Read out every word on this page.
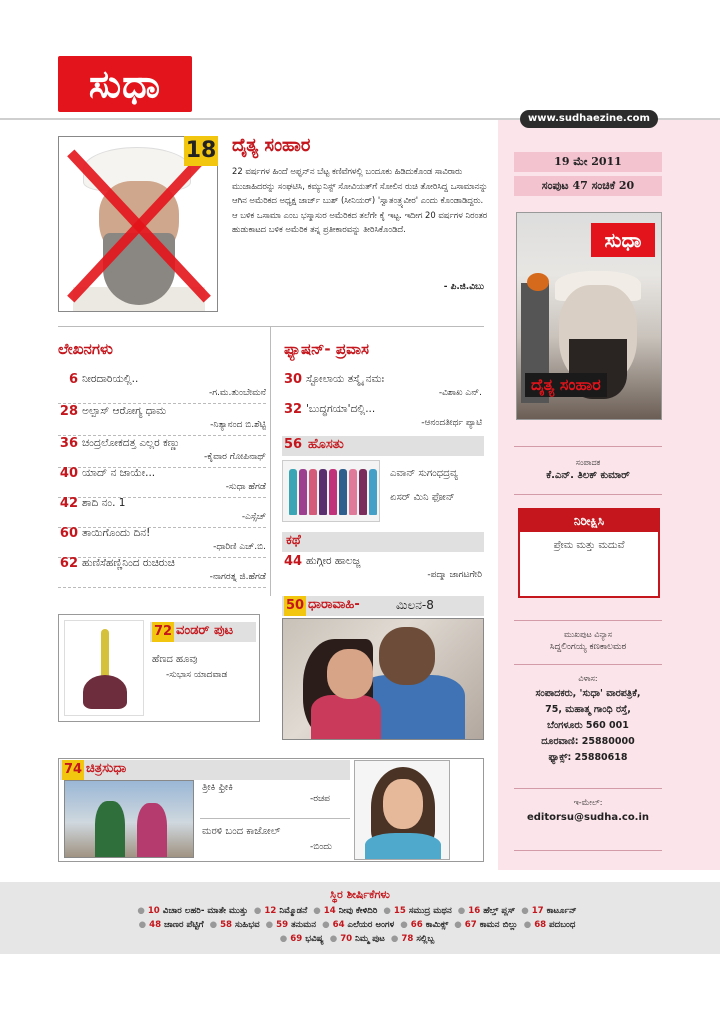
ಸುಧಾ
www.sudhaezine.com
19 ಮೇ 2011
ಸಂಪುಟ 47 ಸಂಚಿಕೆ 20
ಸುಧಾ
ದೈತ್ಯ ಸಂಹಾರ
ಸಂಪಾದಕ
ಕೆ.ಎನ್. ತಿಲಕ್ ಕುಮಾರ್
ನಿರೀಕ್ಷಿಸಿ
ಪ್ರೇಮ ಮತ್ತು ಮದುವೆ
ಮುಖಪುಟ ವಿನ್ಯಾಸ
ಸಿದ್ದಲಿಂಗಯ್ಯ ಕಣಕಾಲಮಠ
ವಿಳಾಸ:
ಸಂಪಾದಕರು, 'ಸುಧಾ' ವಾರಪತ್ರಿಕೆ,
75, ಮಹಾತ್ಮ ಗಾಂಧಿ ರಸ್ತೆ,
ಬೆಂಗಳೂರು 560 001
ದೂರವಾಣಿ: 25880000
ಫ್ಯಾಕ್ಸ್: 25880618
ಇ-ಮೇಲ್:
editorsu@sudha.co.in
18 ದೈತ್ಯ ಸಂಹಾರ
22 ವರ್ಷಗಳ ಹಿಂದೆ ಅಫ್ಘನ್‌ನ ಬೆಟ್ಟ ಕಣಿವೆಗಳಲ್ಲಿ ಬಂದೂಕು ಹಿಡಿದುಕೊಂಡ ಸಾವಿರಾರು ಮುಜಾಹಿದರನ್ನು ಸಂಘಟಿಸಿ, ಕಮ್ಯುನಿಸ್ಟ್ ಸೋವಿಯತ್‌ಗೆ ಸೋಲಿನ ರುಚಿ ತೋರಿಸಿದ್ದ ಒಸಾಮಾನನ್ನು ಆಗಿನ ಅಮೆರಿಕದ ಅಧ್ಯಕ್ಷ ಜಾರ್ಜ್ ಬುಶ್ (ಸೀನಿಯರ್) 'ಸ್ವಾತಂತ್ರ್ಯವೀರ' ಎಂದು ಕೊಂಡಾಡಿದ್ದರು. ಆ ಬಳಿಕ ಒಸಾಮಾ ಎಂಬ ಭಸ್ಮಾಸುರ ಅಮೆರಿಕದ ತಲೆಗೇ ಕೈ ಇಟ್ಟ. ಇದೀಗ 20 ವರ್ಷಗಳ ನಿರಂತರ ಹುಡುಕಾಟದ ಬಳಿಕ ಅಮೆರಿಕ ತನ್ನ ಪ್ರತೀಕಾರವನ್ನು ತೀರಿಸಿಕೊಂಡಿದೆ.
- ಪಿ.ಜಿ.ವಿಬು
ಲೇಖನಗಳು
6 ನೀರದಾರಿಯಲ್ಲಿ..
-ಗ.ಮ.ತುಂಬೇಮನೆ
28 ಅಲ್ಪಾಸ್ ಆರೋಗ್ಯ ಧಾಮ
-ನಿತ್ಯಾನಂದ ಬಿ.ಶೆಟ್ಟಿ
36 ಚಂದ್ರಲೋಕದತ್ತ ಎಲ್ಲರ ಕಣ್ಣು
-ಕೈವಾರ ಗೋಪಿನಾಥ್
40 ಯಾದ್ ನ ಜಾಯೇ...
-ಸುಧಾ ಹೆಗಡೆ
42 ಶಾದಿ ನಂ. 1
-ಎಸ್ಸೆಚ್
60 ತಾಯಿಗೊಂದು ದಿನ!
-ಧಾರಿಣಿ ಎಚ್.ಬಿ.
62 ಹುಣಿಸೆಹಣ್ಣಿನಿಂದ ರುಚಿರುಚಿ
-ನಾಗರತ್ನ ಜಿ.ಹೆಗಡೆ
72 ವಂಡರ್ ಪುಟ
ಹೆಣದ ಹೂವು
-ಸುಭಾಸ ಯಾದವಾಡ
ಫ್ಯಾಷನ್- ಪ್ರವಾಸ
30 ಸ್ಟೋಲಾಯ ತಸ್ಮೈ ನಮಃ
-ವಿಶಾಖ ಎನ್.
32 'ಬುದ್ಧಗಯಾ'ದಲ್ಲಿ...
-ಆನಂದತೀರ್ಥ ಪ್ಯಾಟಿ
56 ಹೊಸತು
ಎವಾನ್ ಸುಗಂಧದ್ರವ್ಯ
ಏಸರ್ ಮಿನಿ ಫೋನ್
ಕಥೆ
44 ಹುಗ್ಗೀರ ಹಾಲಜ್ಜ
-ಪದ್ಮಾ ಜಾಗಟಗೇರಿ
50 ಧಾರಾವಾಹಿ-	ಮಿಲನ-8
74 ಚಿತ್ರಸುಧಾ
ತ್ರೀಕಿ ಫ್ರೀಕಿ
-ರಚಪ
ಮರಳಿ ಬಂದ ಕಾಜೋಲ್
-ಬಿಂದು
ಸ್ಥಿರ ಶೀರ್ಷಿಕೆಗಳು
● 10 ವಿಚಾರ ಲಹರಿ- ಮಾತೇ ಮುತ್ತು ● 12 ನಿಮ್ಮೊಡನೆ ● 14 ನೀವು ಕೇಳಿದಿರಿ ● 15 ಸಮುದ್ರ ಮಥನ ● 16 ಹೆಲ್ತ್ ಪ್ಲಸ್ ● 17 ಕಾರ್ಟೂನ್
● 48 ಜಾಣರ ಪೆಟ್ಟಿಗೆ ● 58 ಸುಹಿಭವ ● 59 ತನುಮನ ● 64 ಎಲೆಯರ ಅಂಗಳ ● 66 ಕಾಮಿಕ್ಸ್ ● 67 ಕಾಮನ ಬಿಲ್ಲು ● 68 ಪದಬಂಧ
● 69 ಭವಿಷ್ಯ ● 70 ನಿಮ್ಮ ಪುಟ ● 78 ಸಲ್ಲಿಬ್ಬ
